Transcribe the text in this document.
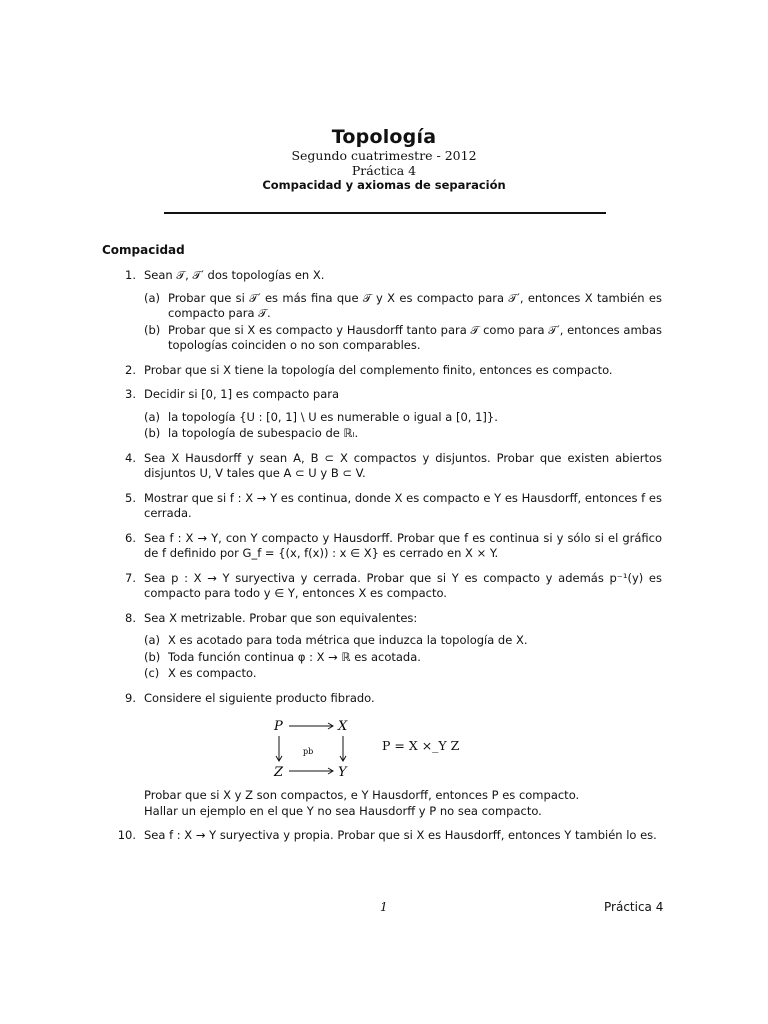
Topología
Segundo cuatrimestre - 2012
Práctica 4
Compacidad y axiomas de separación
Compacidad
1. Sean 𝒯, 𝒯′ dos topologías en X.
(a) Probar que si 𝒯′ es más fina que 𝒯 y X es compacto para 𝒯′, entonces X también es compacto para 𝒯.
(b) Probar que si X es compacto y Hausdorff tanto para 𝒯 como para 𝒯′, entonces ambas topologías coinciden o no son comparables.
2. Probar que si X tiene la topología del complemento finito, entonces es compacto.
3. Decidir si [0, 1] es compacto para
(a) la topología {U : [0, 1] \ U es numerable o igual a [0, 1]}.
(b) la topología de subespacio de ℝₗ.
4. Sea X Hausdorff y sean A, B ⊂ X compactos y disjuntos. Probar que existen abiertos disjuntos U, V tales que A ⊂ U y B ⊂ V.
5. Mostrar que si f : X → Y es continua, donde X es compacto e Y es Hausdorff, entonces f es cerrada.
6. Sea f : X → Y, con Y compacto y Hausdorff. Probar que f es continua si y sólo si el gráfico de f definido por G_f = {(x, f(x)) : x ∈ X} es cerrado en X × Y.
7. Sea p : X → Y suryectiva y cerrada. Probar que si Y es compacto y además p⁻¹(y) es compacto para todo y ∈ Y, entonces X es compacto.
8. Sea X metrizable. Probar que son equivalentes:
(a) X es acotado para toda métrica que induzca la topología de X.
(b) Toda función continua φ : X → ℝ es acotada.
(c) X es compacto.
9. Considere el siguiente producto fibrado.
P	X
Z	Y
pb	P = X ×_Y Z
Probar que si X y Z son compactos, e Y Hausdorff, entonces P es compacto.
Hallar un ejemplo en el que Y no sea Hausdorff y P no sea compacto.
10. Sea f : X → Y suryectiva y propia. Probar que si X es Hausdorff, entonces Y también lo es.
1	Práctica 4
